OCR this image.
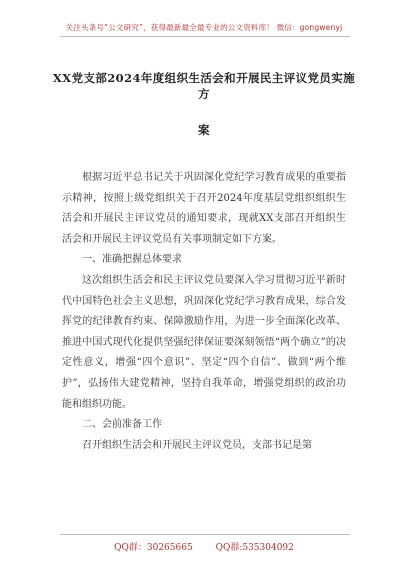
关注头条号“公文研究”，获得最新最全最专业的公文资料库！ 微信：gongwenyj
XX党支部2024年度组织生活会和开展民主评议党员实施方
案

根据习近平总书记关于巩固深化党纪学习教育成果的重要指示精神，按照上级党组织关于召开2024年度基层党组织组织生活会和开展民主评议党员的通知要求，现就XX支部召开组织生活会和开展民主评议党员有关事项制定如下方案。

一、准确把握总体要求

这次组织生活会和民主评议党员要深入学习贯彻习近平新时代中国特色社会主义思想，巩固深化党纪学习教育成果，综合发挥党的纪律教育约束、保障激励作用，为进一步全面深化改革、推进中国式现代化提供坚强纪律保证要深刻领悟“两个确立”的决定性意义，增强“四个意识”、坚定“四个自信”、做到“两个维护”，弘扬伟大建党精神，坚持自我革命，增强党组织的政治功能和组织功能。

二、会前准备工作

召开组织生活会和开展民主评议党员，支部书记是第

QQ群：30265665	QQ群:535304092
